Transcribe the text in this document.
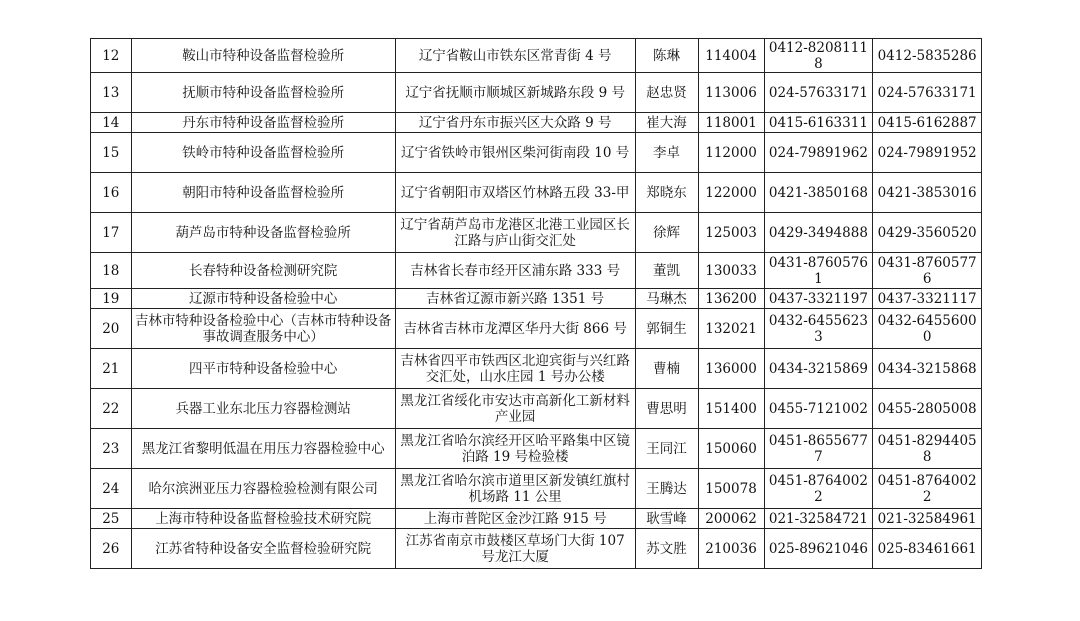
12	鞍山市特种设备监督检验所	辽宁省鞍山市铁东区常青街 4 号	陈琳	114004	0412-82081118	0412-5835286
13	抚顺市特种设备监督检验所	辽宁省抚顺市顺城区新城路东段 9 号	赵忠贤	113006	024-57633171	024-57633171
14	丹东市特种设备监督检验所	辽宁省丹东市振兴区大众路 9 号	崔大海	118001	0415-6163311	0415-6162887
15	铁岭市特种设备监督检验所	辽宁省铁岭市银州区柴河街南段 10 号	李卓	112000	024-79891962	024-79891952
16	朝阳市特种设备监督检验所	辽宁省朝阳市双塔区竹林路五段 33-甲	郑晓东	122000	0421-3850168	0421-3853016
17	葫芦岛市特种设备监督检验所	辽宁省葫芦岛市龙港区北港工业园区长江路与庐山街交汇处	徐辉	125003	0429-3494888	0429-3560520
18	长春特种设备检测研究院	吉林省长春市经开区浦东路 333 号	董凯	130033	0431-87605761	0431-87605776
19	辽源市特种设备检验中心	吉林省辽源市新兴路 1351 号	马琳杰	136200	0437-3321197	0437-3321117
20	吉林市特种设备检验中心（吉林市特种设备事故调查服务中心）	吉林省吉林市龙潭区华丹大街 866 号	郭铜生	132021	0432-64556233	0432-64556000
21	四平市特种设备检验中心	吉林省四平市铁西区北迎宾街与兴红路交汇处，山水庄园 1 号办公楼	曹楠	136000	0434-3215869	0434-3215868
22	兵器工业东北压力容器检测站	黑龙江省绥化市安达市高新化工新材料产业园	曹思明	151400	0455-7121002	0455-2805008
23	黑龙江省黎明低温在用压力容器检验中心	黑龙江省哈尔滨经开区哈平路集中区镜泊路 19 号检验楼	王同江	150060	0451-86556777	0451-82944058
24	哈尔滨洲亚压力容器检验检测有限公司	黑龙江省哈尔滨市道里区新发镇红旗村机场路 11 公里	王腾达	150078	0451-87640022	0451-87640022
25	上海市特种设备监督检验技术研究院	上海市普陀区金沙江路 915 号	耿雪峰	200062	021-32584721	021-32584961
26	江苏省特种设备安全监督检验研究院	江苏省南京市鼓楼区草场门大街 107 号龙江大厦	苏文胜	210036	025-89621046	025-83461661
